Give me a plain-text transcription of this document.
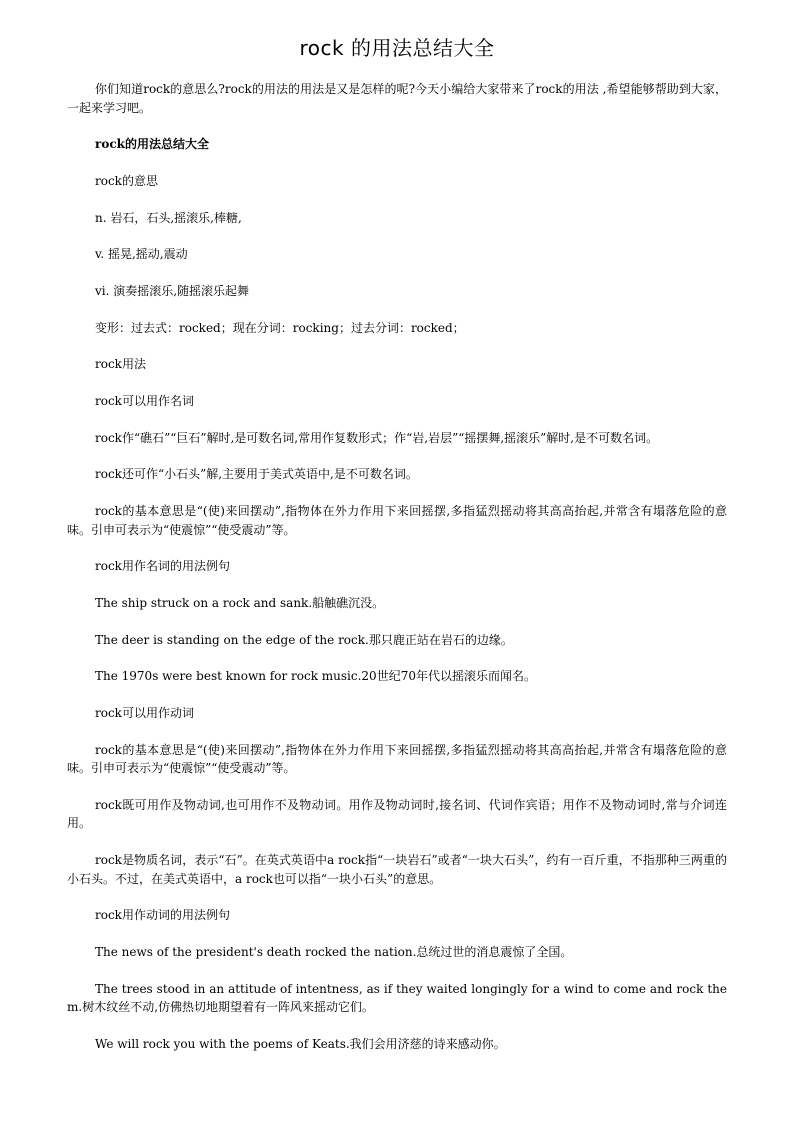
rock 的用法总结大全

你们知道rock的意思么?rock的用法的用法是又是怎样的呢?今天小编给大家带来了rock的用法 ,希望能够帮助到大家，一起来学习吧。

rock的用法总结大全

rock的意思

n. 岩石，石头,摇滚乐,棒糖,

v. 摇晃,摇动,震动

vi. 演奏摇滚乐,随摇滚乐起舞

变形：过去式：rocked；现在分词：rocking；过去分词：rocked；

rock用法

rock可以用作名词

rock作“礁石”“巨石”解时,是可数名词,常用作复数形式；作“岩,岩层”“摇摆舞,摇滚乐”解时,是不可数名词。

rock还可作“小石头”解,主要用于美式英语中,是不可数名词。

rock的基本意思是“(使)来回摆动”,指物体在外力作用下来回摇摆,多指猛烈摇动将其高高抬起,并常含有塌落危险的意味。引申可表示为“使震惊”“使受震动”等。

rock用作名词的用法例句

The ship struck on a rock and sank.船触礁沉没。

The deer is standing on the edge of the rock.那只鹿正站在岩石的边缘。

The 1970s were best known for rock music.20世纪70年代以摇滚乐而闻名。

rock可以用作动词

rock的基本意思是“(使)来回摆动”,指物体在外力作用下来回摇摆,多指猛烈摇动将其高高抬起,并常含有塌落危险的意味。引申可表示为“使震惊”“使受震动”等。

rock既可用作及物动词,也可用作不及物动词。用作及物动词时,接名词、代词作宾语；用作不及物动词时,常与介词连用。

rock是物质名词，表示“石”。在英式英语中a rock指“一块岩石”或者“一块大石头”，约有一百斤重，不指那种三两重的小石头。不过，在美式英语中，a rock也可以指“一块小石头”的意思。

rock用作动词的用法例句

The news of the president's death rocked the nation.总统过世的消息震惊了全国。

The trees stood in an attitude of intentness, as if they waited longingly for a wind to come and rock them.树木纹丝不动,仿佛热切地期望着有一阵风来摇动它们。

We will rock you with the poems of Keats.我们会用济慈的诗来感动你。
